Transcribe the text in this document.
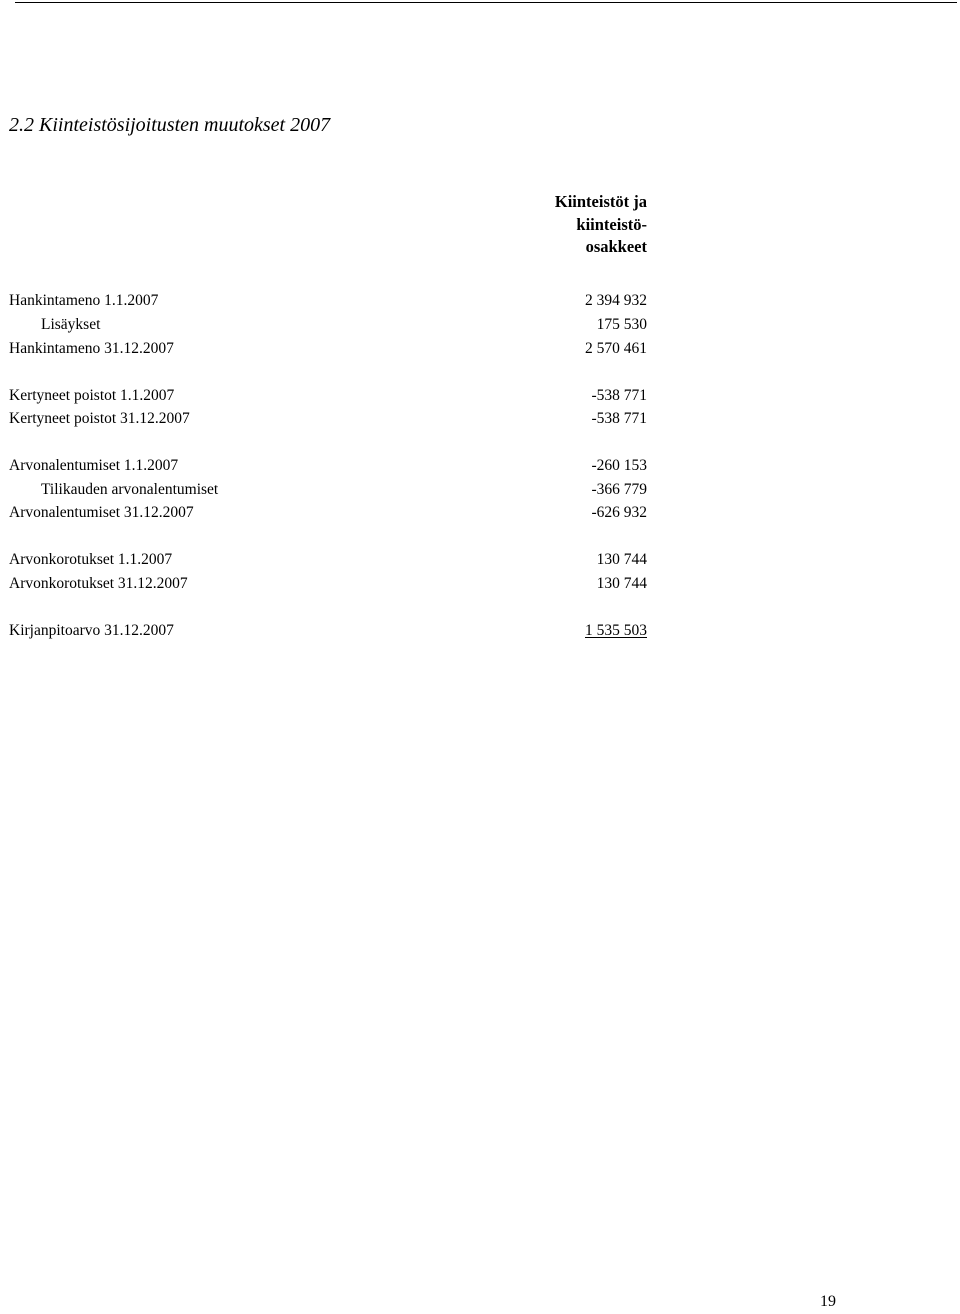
2.2 Kiinteistösijoitusten muutokset 2007
Kiinteistöt ja
kiinteistö-
osakkeet
Hankintameno 1.1.2007	2 394 932
Lisäykset	175 530
Hankintameno 31.12.2007	2 570 461
Kertyneet poistot 1.1.2007	-538 771
Kertyneet poistot 31.12.2007	-538 771
Arvonalentumiset 1.1.2007	-260 153
Tilikauden arvonalentumiset	-366 779
Arvonalentumiset 31.12.2007	-626 932
Arvonkorotukset 1.1.2007	130 744
Arvonkorotukset 31.12.2007	130 744
Kirjanpitoarvo 31.12.2007	1 535 503
19
